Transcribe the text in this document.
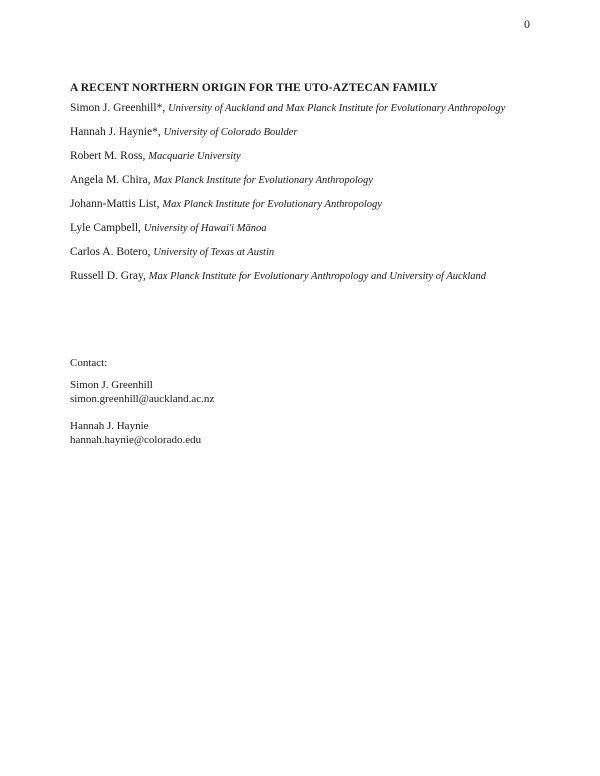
0
A RECENT NORTHERN ORIGIN FOR THE UTO-AZTECAN FAMILY
Simon J. Greenhill*, University of Auckland and Max Planck Institute for Evolutionary Anthropology
Hannah J. Haynie*, University of Colorado Boulder
Robert M. Ross, Macquarie University
Angela M. Chira, Max Planck Institute for Evolutionary Anthropology
Johann-Mattis List, Max Planck Institute for Evolutionary Anthropology
Lyle Campbell, University of Hawai'i Mānoa
Carlos A. Botero, University of Texas at Austin
Russell D. Gray, Max Planck Institute for Evolutionary Anthropology and University of Auckland
Contact:
Simon J. Greenhill
simon.greenhill@auckland.ac.nz
Hannah J. Haynie
hannah.haynie@colorado.edu
